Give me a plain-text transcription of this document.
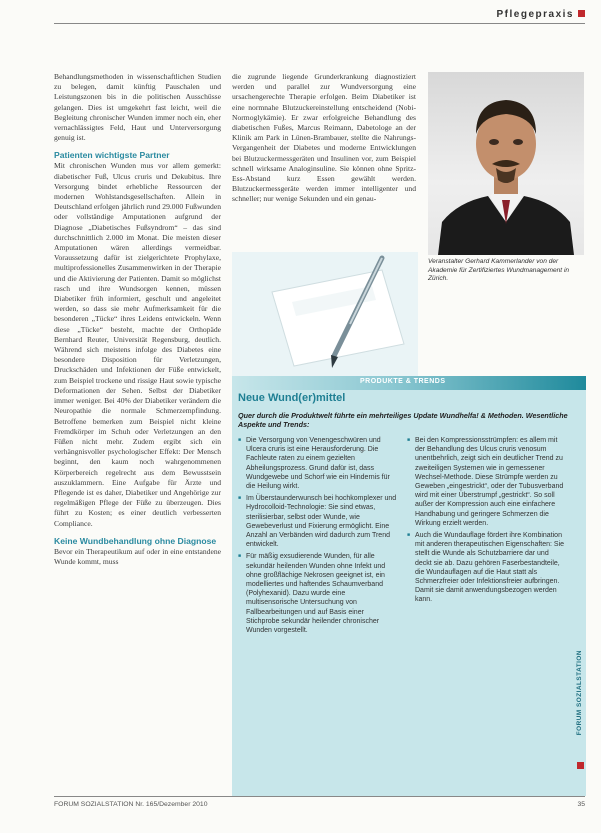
Pflegepraxis

Behandlungsmethoden in wissenschaftlichen Studien zu belegen, damit künftig Pauschalen und Leistungszonen bis in die politischen Ausschüsse gelangen. Dies ist umgekehrt fast leicht, weil die Begleitung chronischer Wunden immer noch ein, eher vernachlässigtes Feld, Haut und Unterversorgung genuig ist.

Patienten wichtigste Partner

Mit chronischen Wunden mus vor allem gemerkt: diabetischer Fuß, Ulcus cruris und Dekubitus. Ihre Versorgung bindet erhebliche Ressourcen der modernen Wohlstandsgesellschaften. Allein in Deutschland erfolgen jährlich rund 29.000 Fußwunden oder vollständige Amputationen aufgrund der Diagnose „Diabetisches Fußsyndrom“ – das sind durchschnittlich 2.000 im Monat. Die meisten dieser Amputationen wären allerdings vermeidbar. Voraussetzung dafür ist zielgerichtete Prophylaxe, multiprofessionelles Zusammenwirken in der Therapie und die Aktivierung der Patienten. Damit so möglichst rasch und ihre Wundsorgen kennen, müssen Diabetiker früh informiert, geschult und angeleitet werden, so dass sie mehr Aufmerksamkeit für die besonderen „Tücke“ ihres Leidens entwickeln. Wenn diese „Tücke“ besteht, machte der Orthopäde Bernhard Reuter, Universität Regensburg, deutlich. Während sich meistens infolge des Diabetes eine besondere Disposition für Verletzungen, Druckschäden und Infektionen der Füße entwickelt, zum Beispiel trockene und rissige Haut sowie typische Deformationen der Sehen. Selbst der Diabetiker immer weniger. Bei 40% der Diabetiker verändern die Neuropathie die normale Schmerzempfindung. Betroffene bemerken zum Beispiel nicht kleine Fremdkörper im Schuh oder Verletzungen an den Füßen nicht mehr. Zudem ergibt sich ein verhängnisvoller psychologischer Effekt: Der Mensch beginnt, den kaum noch wahrgenommenen Körperbereich regelrecht aus dem Bewusstsein auszuklammern. Eine Aufgabe für Ärzte und Pflegende ist es daher, Diabetiker und Angehörige zur regelmäßigen Pflege der Füße zu überzeugen. Dies führt zu Kosten; es einer deutlich verbesserten Compliance.

Keine Wundbehandlung ohne Diagnose

Bevor ein Therapeutikum auf oder in eine entstandene Wunde kommt, muss

die zugrunde liegende Grunderkrankung diagnostiziert werden und parallel zur Wundversorgung eine ursachengerechte Therapie erfolgen. Beim Diabetiker ist eine normnahe Blutzuckereinstellung entscheidend (Nobi-Normoglykämie). Er zwar erfolgreiche Behandlung des diabetischen Fußes, Marcus Reimann, Dabetologe an der Klinik am Park in Lünen-Brambauer, stellte die Nahrungs-Vergangenheit der Diabetes und moderne Entwicklungen bei Blutzuckermessgeräten und Insulinen vor, zum Beispiel schnell wirksame Analoginsuline. Sie können ohne Spritz-Ess-Abstand kurz Essen gewählt werden. Blutzuckermessgeräte werden immer intelligenter und schneller; nur wenige Sekunden und ein genau-

Veranstalter Gerhard Kammerlander von der Akademie für Zertifiziertes Wundmanagement in Zürich.
PRODUKTE & TRENDS
Neue Wund(er)mittel
Quer durch die Produktwelt führte ein mehrteiliges Update Wundhelfa! & Methoden. Wesentliche Aspekte und Trends:
■ Die Versorgung von Venengeschwüren und Ulcera cruris ist eine Herausforderung. Die Fachleute raten zu einem gezielten Abheilungsprozess. Grund dafür ist, dass Wundgewebe und Schorf wie ein Hindernis für die Heilung wirkt.
■ Im Überstaunderwunsch bei hochkomplexer und Hydrocolloid-Technologie: Sie sind etwas, sterilisierbar, selbst oder Wunde, wie Gewebeverlust und Fixierung ermöglicht. Eine Anzahl an Verbänden wird dadurch zum Trend entwickelt.
■ Für mäßig exsudierende Wunden, für alle sekundär heilenden Wunden ohne Infekt und ohne großflächige Nekrosen geeignet ist, ein modelliertes und haftendes Schaumverband (Polyhexanid). Dazu wurde eine multisensorische Untersuchung von Fallbearbeitungen und auf Basis einer Stichprobe sekundär heilender chronischer Wunden vorgestellt.
■ Bei den Kompressionsstrümpfen: es allem mit der Behandlung des Ulcus cruris venosum unentbehrlich, zeigt sich ein deutlicher Trend zu zweiteiligen Systemen wie in gemessener Wechsel-Methode. Diese Strümpfe werden zu Geweben „eingestrickt“, oder der Tubusverband wird mit einer Überstrumpf „gestrickt“. So soll außer der Kompression auch eine einfachere Handhabung und geringere Schmerzen die Wirkung erzielt werden.
■ Auch die Wundauflage fördert ihre Kombination mit anderen therapeutischen Eigenschaften: Sie stellt die Wunde als Schutzbarriere dar und deckt sie ab. Dazu gehören Faserbestandteile, die Wundauflagen auf die Haut statt als Schmerzfreier oder Infektionsfreier aufbringen. Damit sie damit anwendungsbezogen werden kann.
FORUM SOZIALSTATION
FORUM SOZIALSTATION Nr. 165/Dezember 2010	35
